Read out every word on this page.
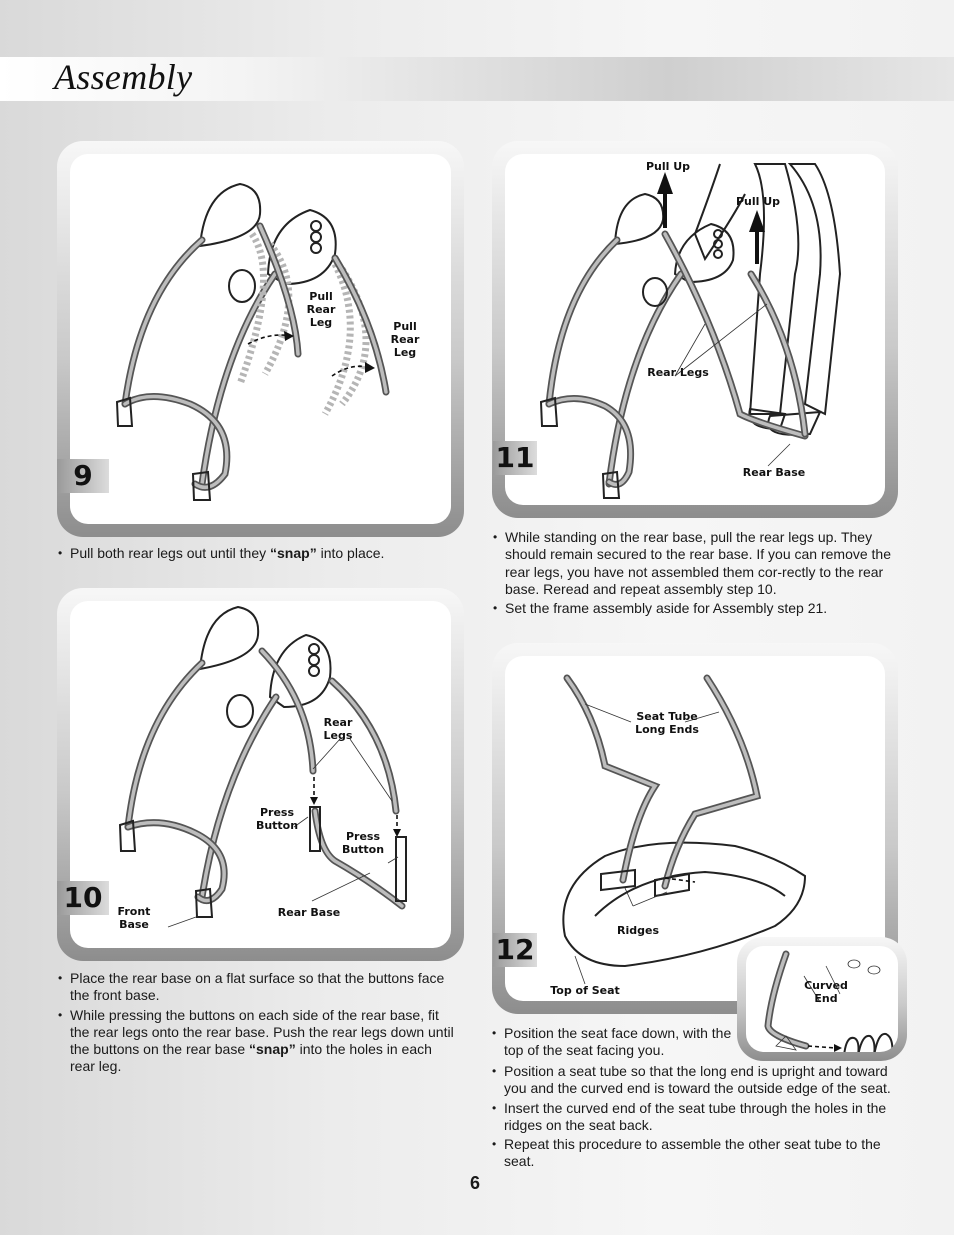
Assembly
Pull
Rear
Leg	Pull
Rear
Leg
9
• Pull both rear legs out until they “snap” into place.
Rear
Legs
Press
Button
Press
Button
Front
Base
Rear Base
10
• Place the rear base on a flat surface so that the buttons face the front base.
• While pressing the buttons on each side of the rear base, fit the rear legs onto the rear base. Push the rear legs down until the buttons on the rear base “snap” into the holes in each rear leg.
Pull Up
Pull Up
Rear Legs
Rear Base
11
• While standing on the rear base, pull the rear legs up. They should remain secured to the rear base. If you can remove the rear legs, you have not assembled them cor-rectly to the rear base. Reread and repeat assembly step 10.
• Set the frame assembly aside for Assembly step 21.
Seat Tube
Long Ends
Ridges
Top of Seat
12
Curved
End
• Position the seat face down, with the top of the seat facing you.
• Position a seat tube so that the long end is upright and toward you and the curved end is toward the outside edge of the seat.
• Insert the curved end of the seat tube through the holes in the ridges on the seat back.
• Repeat this procedure to assemble the other seat tube to the seat.
6
